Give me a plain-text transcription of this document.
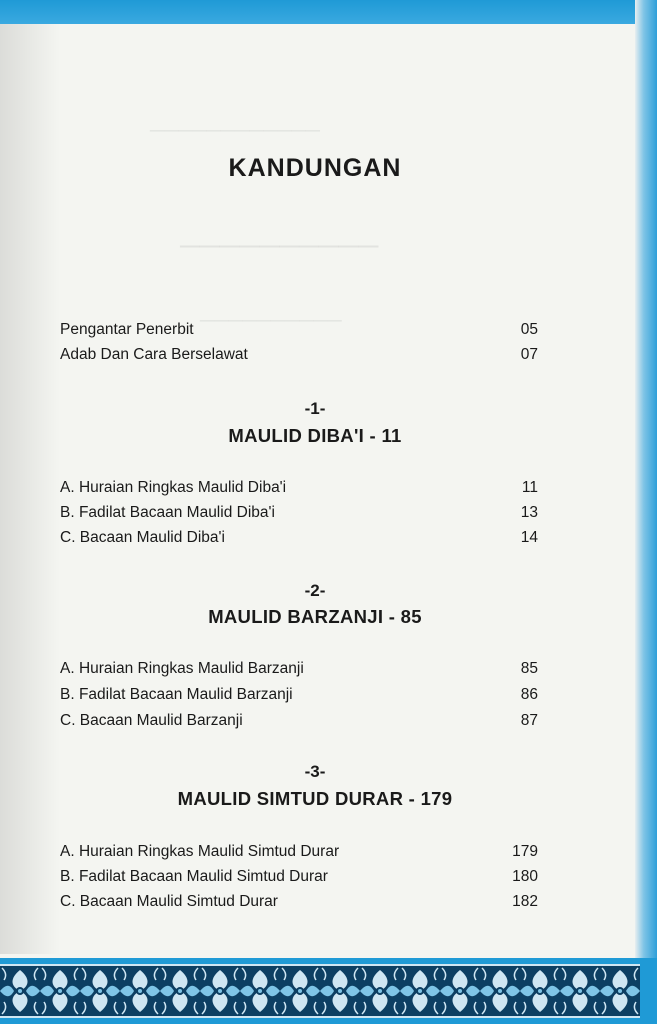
────────────
──────────
──────────
KANDUNGAN
Pengantar Penerbit	05
Adab Dan Cara Berselawat	07
-1-
MAULID DIBA'I - 11
A. Huraian Ringkas Maulid Diba'i	11
B. Fadilat Bacaan Maulid Diba'i	13
C. Bacaan Maulid Diba'i	14
-2-
MAULID BARZANJI - 85
A. Huraian Ringkas Maulid Barzanji	85
B. Fadilat Bacaan Maulid Barzanji	86
C. Bacaan Maulid Barzanji	87
-3-
MAULID SIMTUD DURAR - 179
A. Huraian Ringkas Maulid Simtud Durar	179
B. Fadilat Bacaan Maulid Simtud Durar	180
C. Bacaan Maulid Simtud Durar	182
